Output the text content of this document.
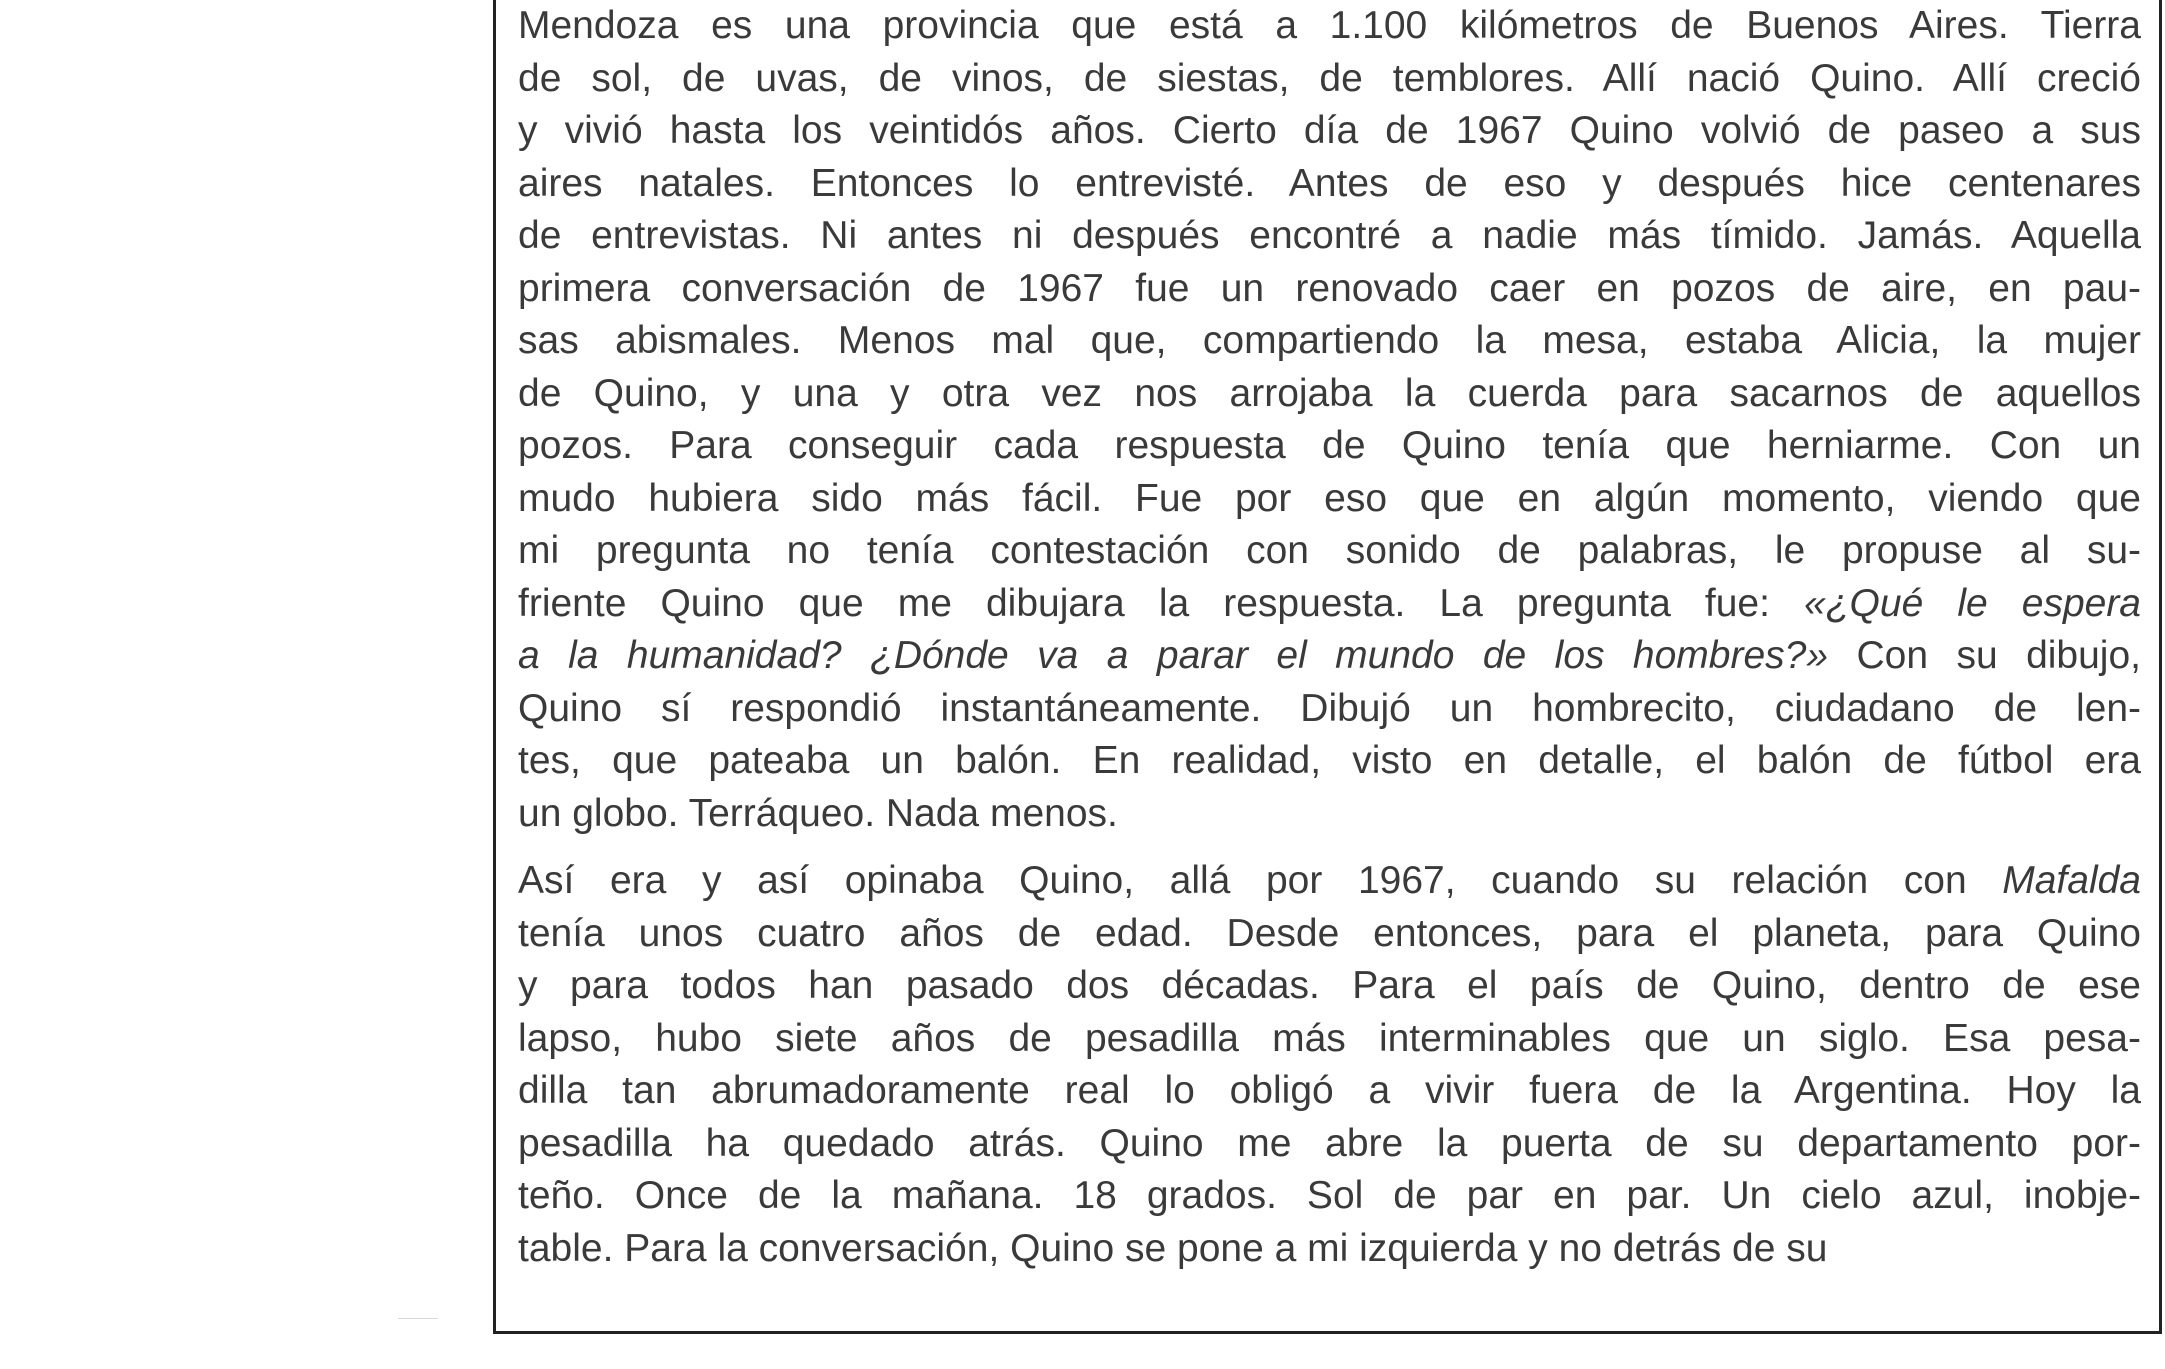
Mendoza es una provincia que está a 1.100 kilómetros de Buenos Aires. Tierra
de sol, de uvas, de vinos, de siestas, de temblores. Allí nació Quino. Allí creció
y vivió hasta los veintidós años. Cierto día de 1967 Quino volvió de paseo a sus
aires natales. Entonces lo entrevisté. Antes de eso y después hice centenares
de entrevistas. Ni antes ni después encontré a nadie más tímido. Jamás. Aquella
primera conversación de 1967 fue un renovado caer en pozos de aire, en pau-
sas abismales. Menos mal que, compartiendo la mesa, estaba Alicia, la mujer
de Quino, y una y otra vez nos arrojaba la cuerda para sacarnos de aquellos
pozos. Para conseguir cada respuesta de Quino tenía que herniarme. Con un
mudo hubiera sido más fácil. Fue por eso que en algún momento, viendo que
mi pregunta no tenía contestación con sonido de palabras, le propuse al su-
friente Quino que me dibujara la respuesta. La pregunta fue: «¿Qué le espera
a la humanidad? ¿Dónde va a parar el mundo de los hombres?» Con su dibujo,
Quino sí respondió instantáneamente. Dibujó un hombrecito, ciudadano de len-
tes, que pateaba un balón. En realidad, visto en detalle, el balón de fútbol era
un globo. Terráqueo. Nada menos.

Así era y así opinaba Quino, allá por 1967, cuando su relación con Mafalda
tenía unos cuatro años de edad. Desde entonces, para el planeta, para Quino
y para todos han pasado dos décadas. Para el país de Quino, dentro de ese
lapso, hubo siete años de pesadilla más interminables que un siglo. Esa pesa-
dilla tan abrumadoramente real lo obligó a vivir fuera de la Argentina. Hoy la
pesadilla ha quedado atrás. Quino me abre la puerta de su departamento por-
teño. Once de la mañana. 18 grados. Sol de par en par. Un cielo azul, inobje-
table. Para la conversación, Quino se pone a mi izquierda y no detrás de su
